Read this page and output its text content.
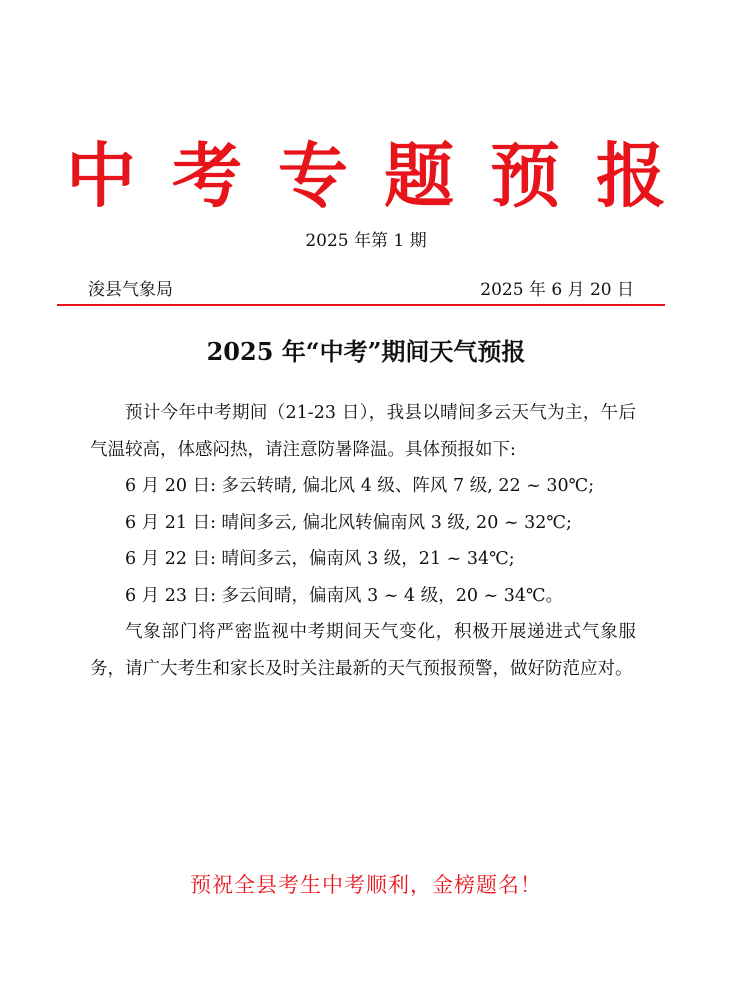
中考专题预报
2025 年第 1 期
浚县气象局	2025 年 6 月 20 日
2025 年“中考”期间天气预报

预计今年中考期间（21-23 日），我县以晴间多云天气为主，午后气温较高，体感闷热，请注意防暑降温。具体预报如下:

6 月 20 日: 多云转晴, 偏北风 4 级、阵风 7 级, 22 ~ 30℃;
6 月 21 日: 晴间多云, 偏北风转偏南风 3 级, 20 ~ 32℃;
6 月 22 日: 晴间多云，偏南风 3 级，21 ~ 34℃;
6 月 23 日: 多云间晴，偏南风 3 ~ 4 级，20 ~ 34℃。

气象部门将严密监视中考期间天气变化，积极开展递进式气象服务，请广大考生和家长及时关注最新的天气预报预警，做好防范应对。

预祝全县考生中考顺利，金榜题名！
